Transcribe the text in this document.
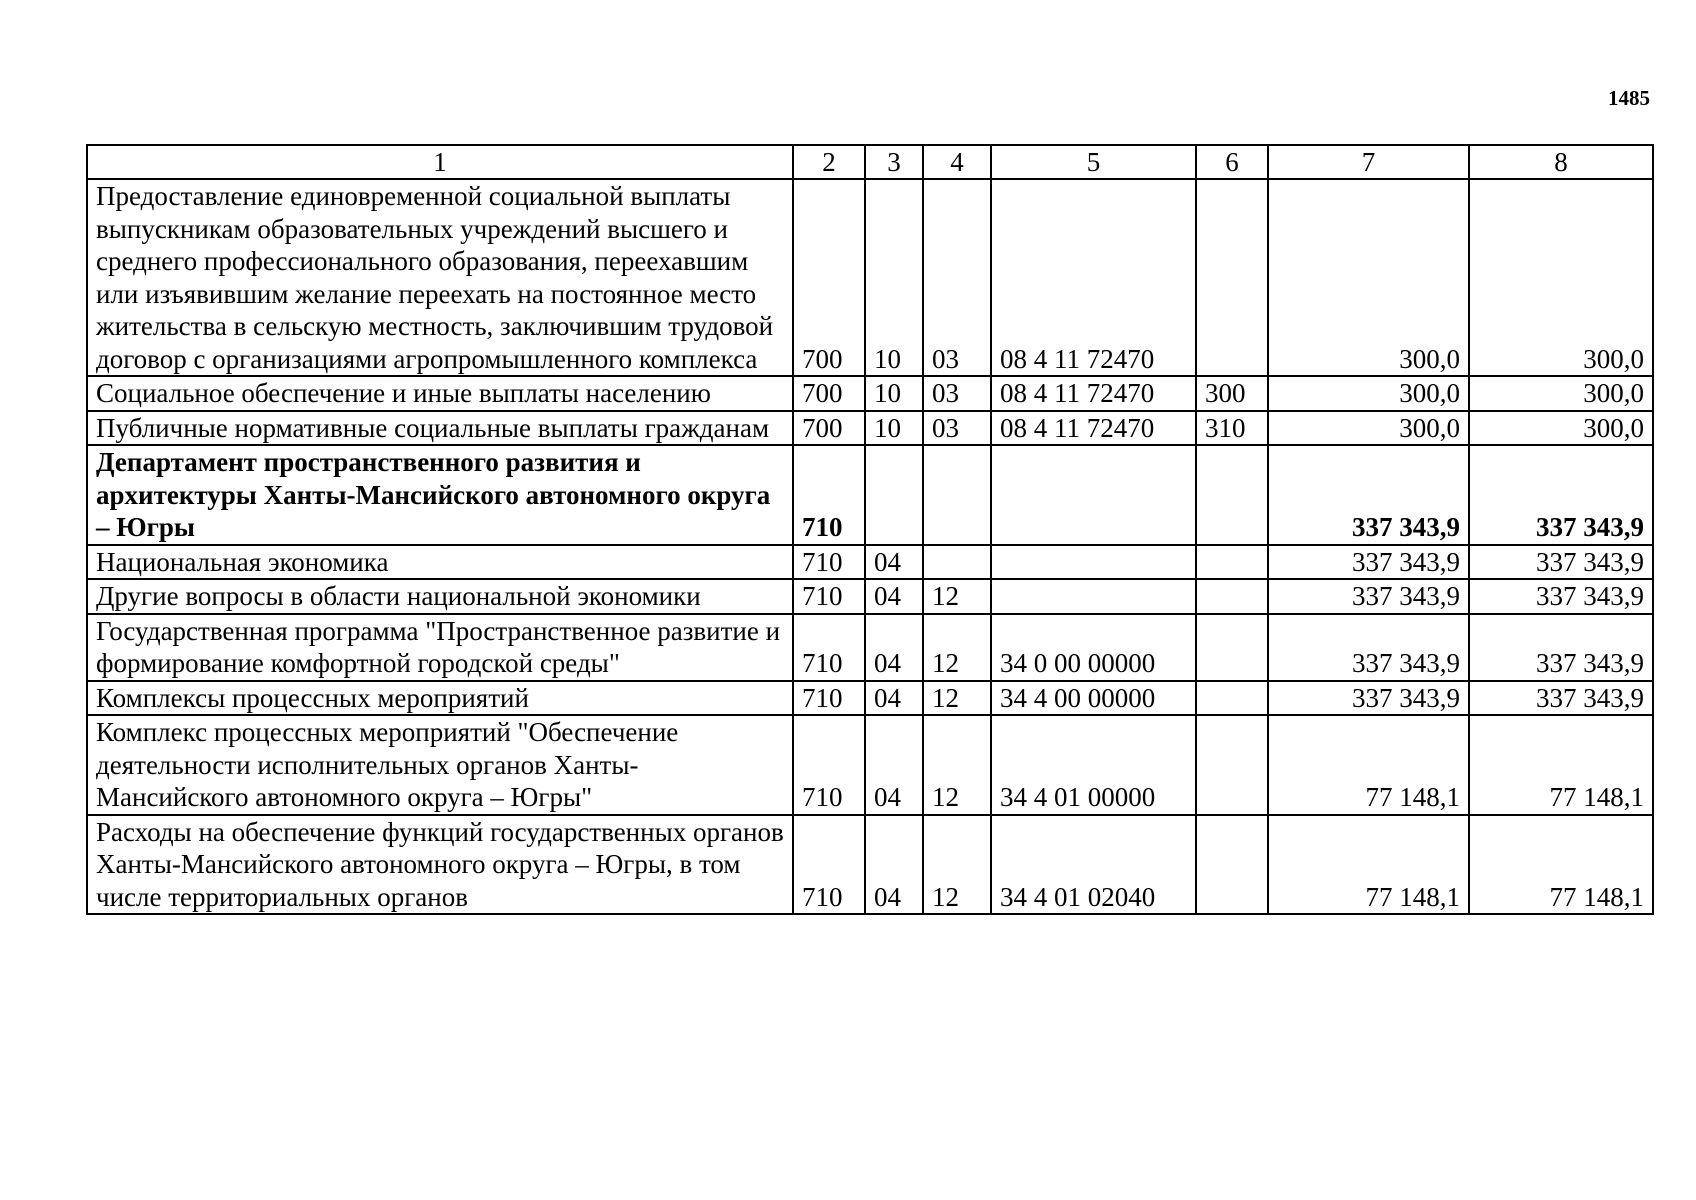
1485
1	2	3	4	5	6	7	8
Предоставление единовременной социальной выплаты выпускникам образовательных учреждений высшего и среднего профессионального образования, переехавшим или изъявившим желание переехать на постоянное место жительства в сельскую местность, заключившим трудовой договор с организациями агропромышленного комплекса	700	10	03	08 4 11 72470		300,0	300,0
Социальное обеспечение и иные выплаты населению	700	10	03	08 4 11 72470	300	300,0	300,0
Публичные нормативные социальные выплаты гражданам	700	10	03	08 4 11 72470	310	300,0	300,0
Департамент пространственного развития и архитектуры Ханты-Мансийского автономного округа – Югры	710					337 343,9	337 343,9
Национальная экономика	710	04				337 343,9	337 343,9
Другие вопросы в области национальной экономики	710	04	12			337 343,9	337 343,9
Государственная программа "Пространственное развитие и формирование комфортной городской среды"	710	04	12	34 0 00 00000		337 343,9	337 343,9
Комплексы процессных мероприятий	710	04	12	34 4 00 00000		337 343,9	337 343,9
Комплекс процессных мероприятий "Обеспечение деятельности исполнительных органов Ханты-Мансийского автономного округа – Югры"	710	04	12	34 4 01 00000		77 148,1	77 148,1
Расходы на обеспечение функций государственных органов Ханты-Мансийского автономного округа – Югры, в том числе территориальных органов	710	04	12	34 4 01 02040		77 148,1	77 148,1
